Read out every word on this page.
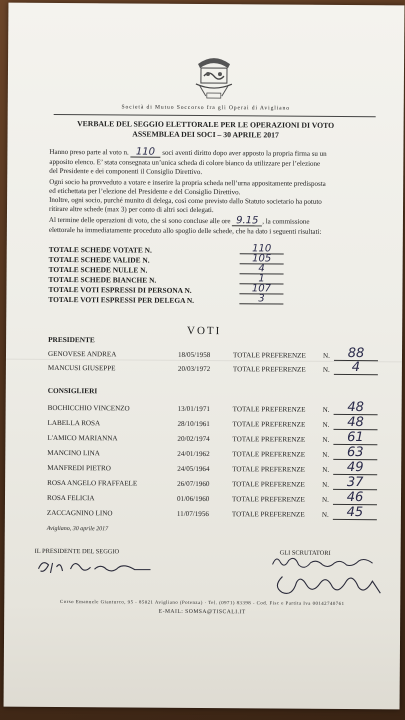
Società di Mutuo Soccorso fra gli Operai di Avigliano
VERBALE DEL SEGGIO ELETTORALE PER LE OPERAZIONI DI VOTO
ASSEMBLEA DEI SOCI – 30 APRILE 2017
Hanno preso parte al voto n. 110 soci aventi diritto dopo aver apposto la propria firma su un
apposito elenco. E’ stata consegnata un’unica scheda di colore bianco da utilizzare per l’elezione
del Presidente e dei componenti il Consiglio Direttivo.
Ogni socio ha provveduto a votare e inserire la propria scheda nell’urna appositamente predisposta
ed etichettata per l’elezione del Presidente e del Consiglio Direttivo.
Inoltre, ogni socio, purché munito di delega, così come previsto dallo Statuto societario ha potuto
ritirare altre schede (max 3) per conto di altri soci delegati.
Al termine delle operazioni di voto, che si sono concluse alle ore 9.15 , la commissione
elettorale ha immediatamente proceduto allo spoglio delle schede, che ha dato i seguenti risultati:
TOTALE SCHEDE VOTATE N.	110
TOTALE SCHEDE VALIDE N.	105
TOTALE SCHEDE NULLE N.	4
TOTALE SCHEDE BIANCHE N.	1
TOTALE VOTI ESPRESSI DI PERSONA N.	107
TOTALE VOTI ESPRESSI PER DELEGA N.	3
VOTI
PRESIDENTE
GENOVESE ANDREA	18/05/1958	TOTALE PREFERENZE N.	88
MANCUSI GIUSEPPE	20/03/1972	TOTALE PREFERENZE N.	4
CONSIGLIERI
BOCHICCHIO VINCENZO	13/01/1971	TOTALE PREFERENZE N.	48
LABELLA ROSA	28/10/1961	TOTALE PREFERENZE N.	48
L'AMICO MARIANNA	20/02/1974	TOTALE PREFERENZE N.	61
MANCINO LINA	24/01/1962	TOTALE PREFERENZE N.	63
MANFREDI PIETRO	24/05/1964	TOTALE PREFERENZE N.	49
ROSA ANGELO FRAFFAELE	26/07/1960	TOTALE PREFERENZE N.	37
ROSA FELICIA	01/06/1960	TOTALE PREFERENZE N.	46
ZACCAGNINO LINO	11/07/1956	TOTALE PREFERENZE N.	45
Avigliano, 30 aprile 2017
IL PRESIDENTE DEL SEGGIO	GLI SCRUTATORI
Corso Emanuele Gianturco, 95 - 85021 Avigliano (Potenza) · Tel. (0971) 83398 - Cod. Fisc e Partita Iva 00142740761
E-MAIL: SOMSA@TISCALI.IT
